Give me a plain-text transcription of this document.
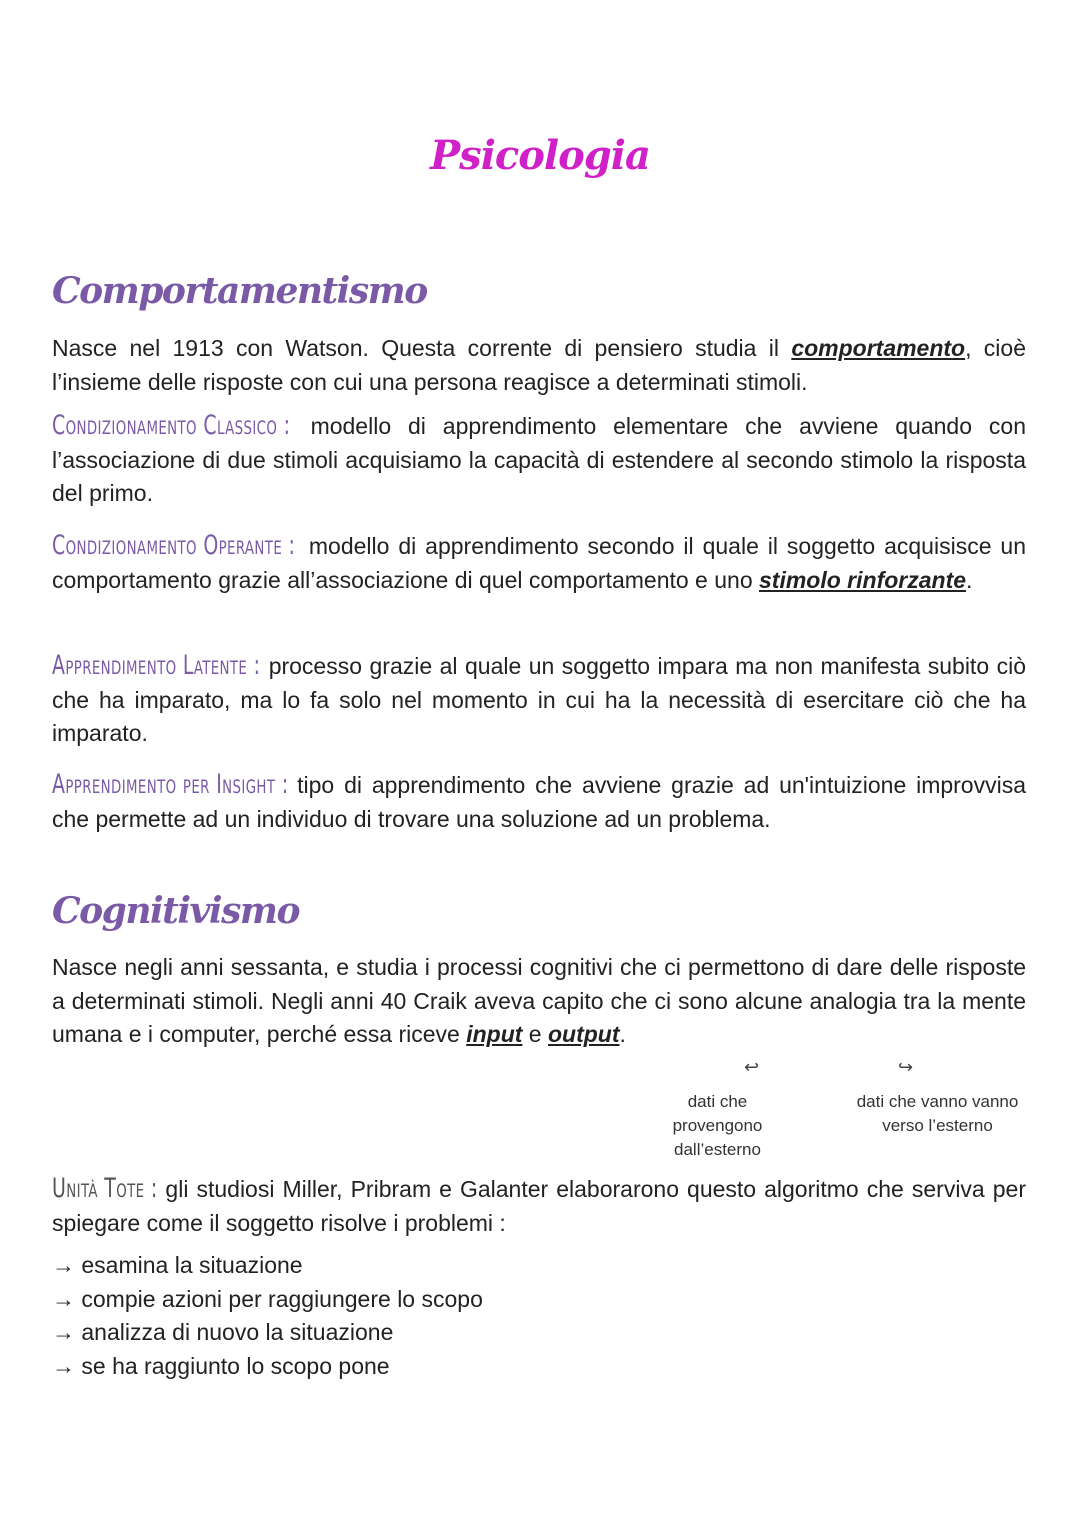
Psicologia
Comportamentismo

Nasce nel 1913 con Watson. Questa corrente di pensiero studia il comportamento, cioè l’insieme delle risposte con cui una persona reagisce a determinati stimoli.

Condizionamento Classico : modello di apprendimento elementare che avviene quando con l’associazione di due stimoli acquisiamo la capacità di estendere al secondo stimolo la risposta del primo.

Condizionamento Operante : modello di apprendimento secondo il quale il soggetto acquisisce un comportamento grazie all’associazione di quel comportamento e uno stimolo rinforzante.

Apprendimento Latente : processo grazie al quale un soggetto impara ma non manifesta subito ciò che ha imparato, ma lo fa solo nel momento in cui ha la necessità di esercitare ciò che ha imparato.

Apprendimento per Insight : tipo di apprendimento che avviene grazie ad un'intuizione improvvisa che permette ad un individuo di trovare una soluzione ad un problema.

Cognitivismo

Nasce negli anni sessanta, e studia i processi cognitivi che ci permettono di dare delle risposte a determinati stimoli. Negli anni 40 Craik aveva capito che ci sono alcune analogia tra la mente umana e i computer, perché essa riceve input e output.

↩	↪
dati che provengono dall’esterno
dati che vanno vanno verso l’esterno

Unità Tote : gli studiosi Miller, Pribram e Galanter elaborarono questo algoritmo che serviva per spiegare come il soggetto risolve i problemi :

→ esamina la situazione
→ compie azioni per raggiungere lo scopo
→ analizza di nuovo la situazione
→ se ha raggiunto lo scopo pone
